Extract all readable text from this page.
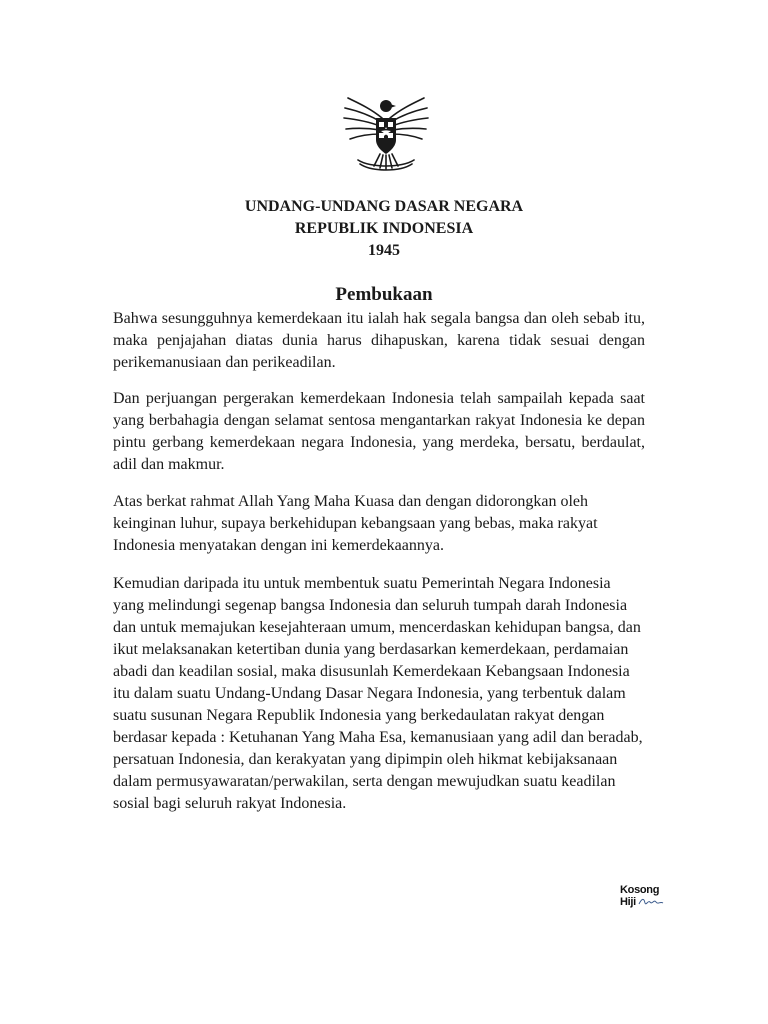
UNDANG-UNDANG DASAR NEGARA
REPUBLIK INDONESIA
1945
Pembukaan

Bahwa sesungguhnya kemerdekaan itu ialah hak segala bangsa dan oleh sebab itu, maka penjajahan diatas dunia harus dihapuskan, karena tidak sesuai dengan perikemanusiaan dan perikeadilan.

Dan perjuangan pergerakan kemerdekaan Indonesia telah sampailah kepada saat yang berbahagia dengan selamat sentosa mengantarkan rakyat Indonesia ke depan pintu gerbang kemerdekaan negara Indonesia, yang merdeka, bersatu, berdaulat, adil dan makmur.

Atas berkat rahmat Allah Yang Maha Kuasa dan dengan didorongkan oleh keinginan luhur, supaya berkehidupan kebangsaan yang bebas, maka rakyat Indonesia menyatakan dengan ini kemerdekaannya.

Kemudian daripada itu untuk membentuk suatu Pemerintah Negara Indonesia yang melindungi segenap bangsa Indonesia dan seluruh tumpah darah Indonesia dan untuk memajukan kesejahteraan umum, mencerdaskan kehidupan bangsa, dan ikut melaksanakan ketertiban dunia yang berdasarkan kemerdekaan, perdamaian abadi dan keadilan sosial, maka disusunlah Kemerdekaan Kebangsaan Indonesia itu dalam suatu Undang-Undang Dasar Negara Indonesia, yang terbentuk dalam suatu susunan Negara Republik Indonesia yang berkedaulatan rakyat dengan berdasar kepada : Ketuhanan Yang Maha Esa, kemanusiaan yang adil dan beradab, persatuan Indonesia, dan kerakyatan yang dipimpin oleh hikmat kebijaksanaan dalam permusyawaratan/perwakilan, serta dengan mewujudkan suatu keadilan sosial bagi seluruh rakyat Indonesia.

Kosong
Hiji
